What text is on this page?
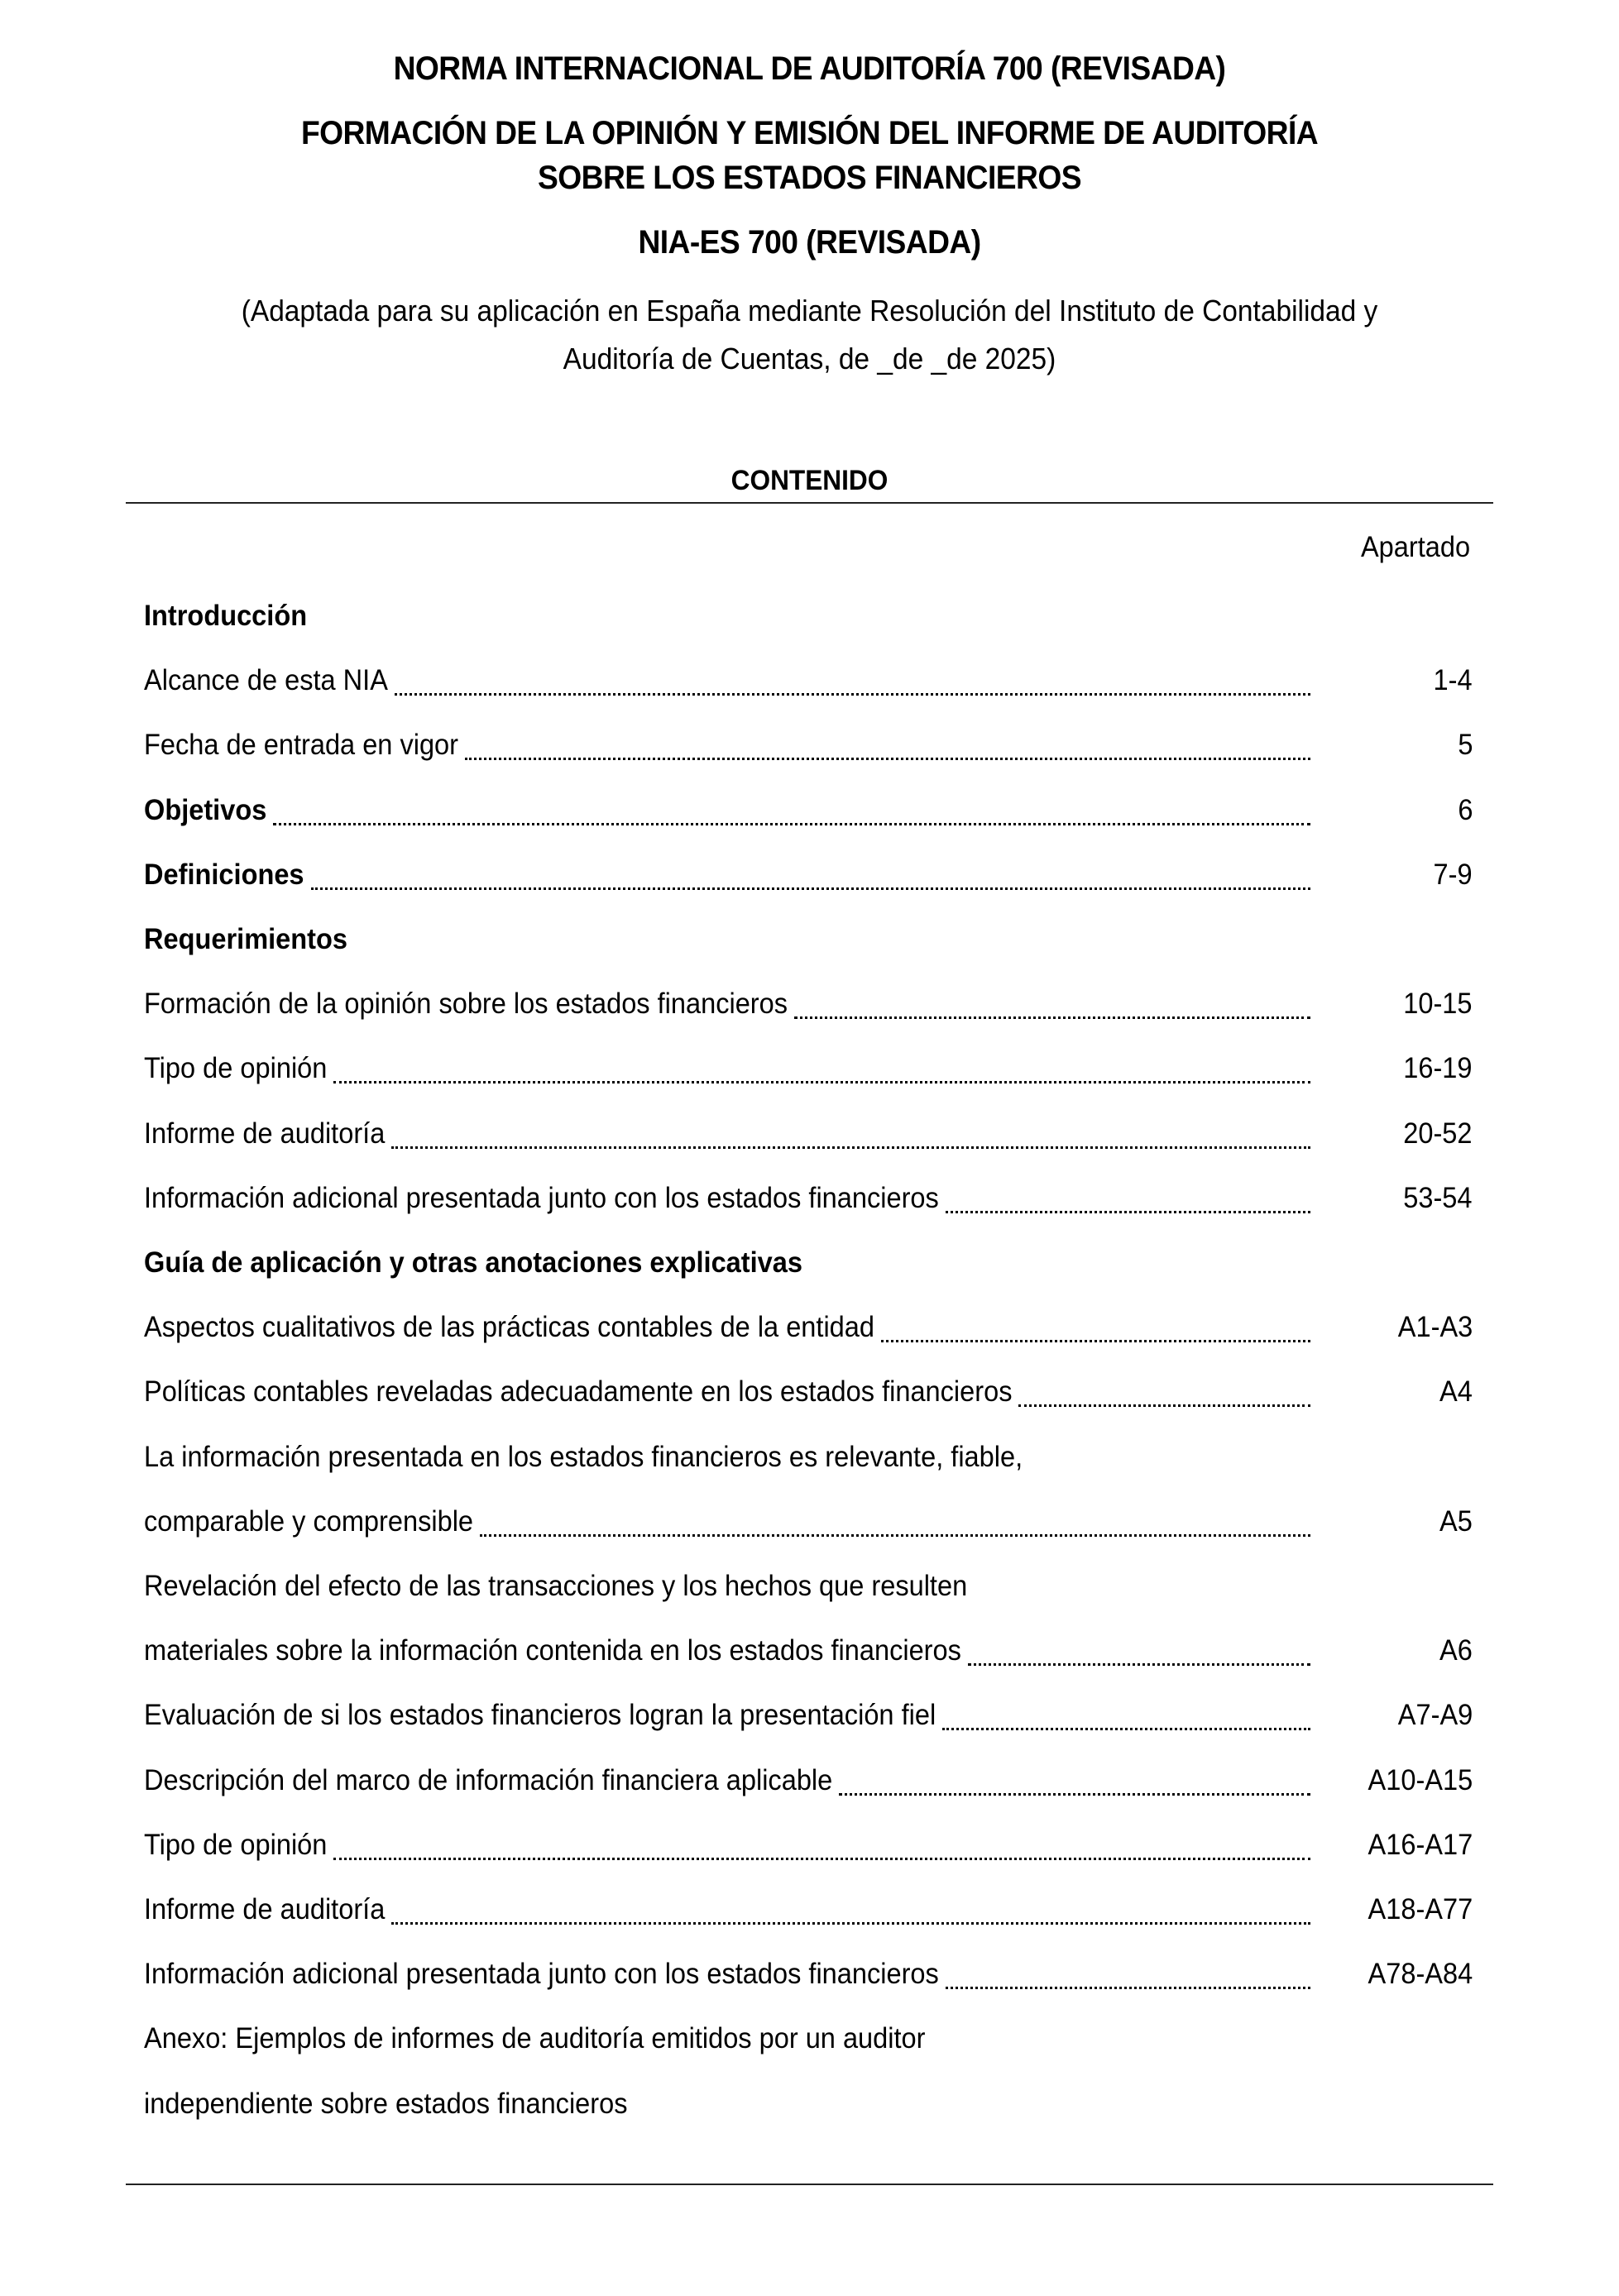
NORMA INTERNACIONAL DE AUDITORÍA 700 (REVISADA)
FORMACIÓN DE LA OPINIÓN Y EMISIÓN DEL INFORME DE AUDITORÍA
SOBRE LOS ESTADOS FINANCIEROS
NIA-ES 700 (REVISADA)
(Adaptada para su aplicación en España mediante Resolución del Instituto de Contabilidad y
Auditoría de Cuentas, de _de _de 2025)
CONTENIDO
Apartado
Introducción
Alcance de esta NIA	1-4
Fecha de entrada en vigor	5
Objetivos	6
Definiciones	7-9
Requerimientos
Formación de la opinión sobre los estados financieros	10-15
Tipo de opinión	16-19
Informe de auditoría	20-52
Información adicional presentada junto con los estados financieros	53-54
Guía de aplicación y otras anotaciones explicativas
Aspectos cualitativos de las prácticas contables de la entidad	A1-A3
Políticas contables reveladas adecuadamente en los estados financieros	A4
La información presentada en los estados financieros es relevante, fiable,
comparable y comprensible	A5
Revelación del efecto de las transacciones y los hechos que resulten
materiales sobre la información contenida en los estados financieros	A6
Evaluación de si los estados financieros logran la presentación fiel	A7-A9
Descripción del marco de información financiera aplicable	A10-A15
Tipo de opinión	A16-A17
Informe de auditoría	A18-A77
Información adicional presentada junto con los estados financieros	A78-A84
Anexo: Ejemplos de informes de auditoría emitidos por un auditor
independiente sobre estados financieros
